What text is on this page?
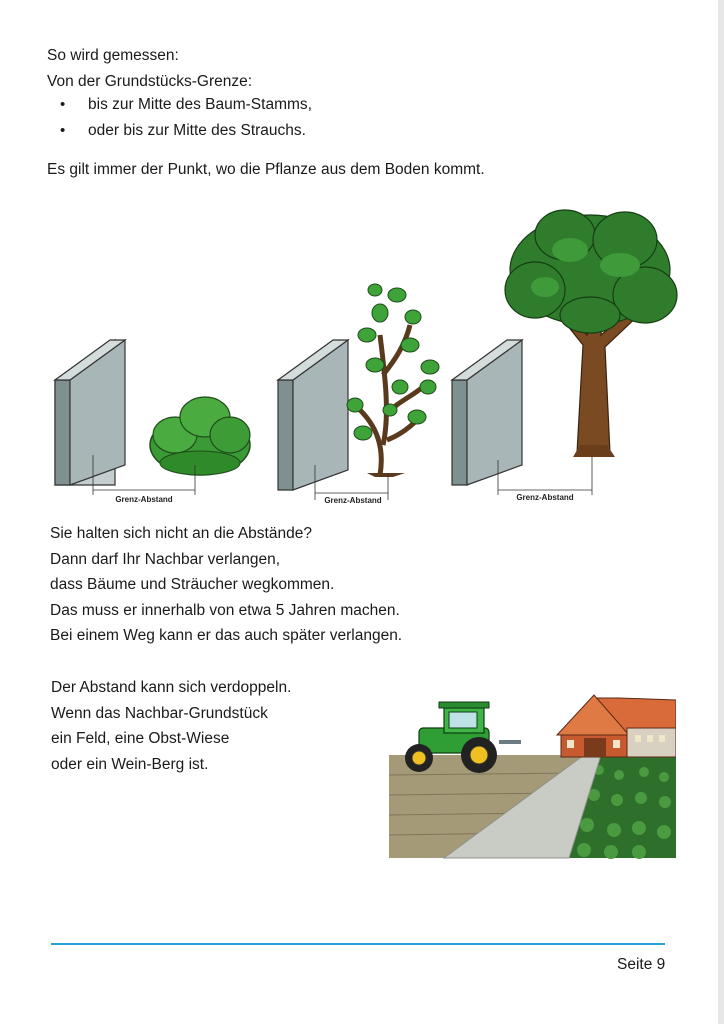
So wird gemessen:
Von der Grundstücks-Grenze:
• bis zur Mitte des Baum-Stamms,
• oder bis zur Mitte des Strauchs.
Es gilt immer der Punkt, wo die Pflanze aus dem Boden kommt.
Grenz-Abstand	Grenz-Abstand	Grenz-Abstand
Sie halten sich nicht an die Abstände?
Dann darf Ihr Nachbar verlangen,
dass Bäume und Sträucher wegkommen.
Das muss er innerhalb von etwa 5 Jahren machen.
Bei einem Weg kann er das auch später verlangen.
Der Abstand kann sich verdoppeln.
Wenn das Nachbar-Grundstück
ein Feld, eine Obst-Wiese
oder ein Wein-Berg ist.
Seite 9
